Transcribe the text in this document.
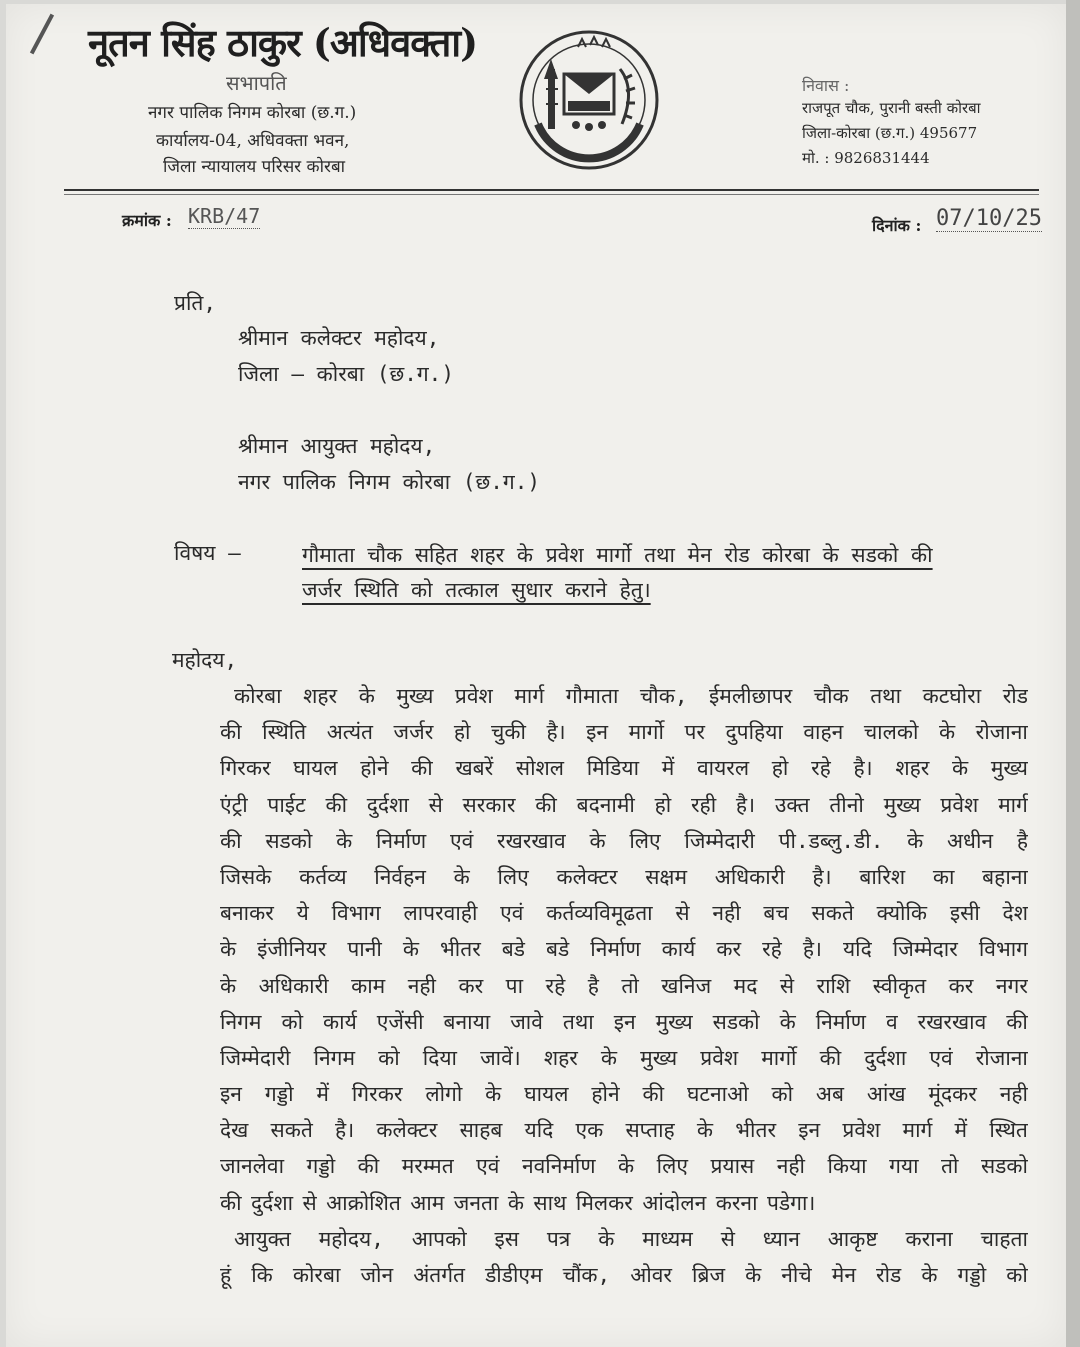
नूतन सिंह ठाकुर (अधिवक्ता)
सभापति
नगर पालिक निगम कोरबा (छ.ग.)
कार्यालय-04, अधिवक्ता भवन,
जिला न्यायालय परिसर कोरबा
निवास :
राजपूत चौक, पुरानी बस्ती कोरबा
जिला-कोरबा (छ.ग.) 495677
मो. : 9826831444
क्रमांक : KRB/47	दिनांक : 07/10/25
प्रति,
श्रीमान कलेक्टर महोदय,
जिला – कोरबा (छ.ग.)
श्रीमान आयुक्त महोदय,
नगर पालिक निगम कोरबा (छ.ग.)
विषय –	गौमाता चौक सहित शहर के प्रवेश मार्गो तथा मेन रोड कोरबा के सडको की
जर्जर स्थिति को तत्काल सुधार कराने हेतु।
महोदय,
कोरबा शहर के मुख्य प्रवेश मार्ग गौमाता चौक, ईमलीछापर चौक तथा कटघोरा रोड
की स्थिति अत्यंत जर्जर हो चुकी है। इन मार्गो पर दुपहिया वाहन चालको के रोजाना
गिरकर घायल होने की खबरें सोशल मिडिया में वायरल हो रहे है। शहर के मुख्य
एंट्री पाईट की दुर्दशा से सरकार की बदनामी हो रही है। उक्त तीनो मुख्य प्रवेश मार्ग
की सडको के निर्माण एवं रखरखाव के लिए जिम्मेदारी पी.डब्लु.डी. के अधीन है
जिसके कर्तव्य निर्वहन के लिए कलेक्टर सक्षम अधिकारी है। बारिश का बहाना
बनाकर ये विभाग लापरवाही एवं कर्तव्यविमूढता से नही बच सकते क्योकि इसी देश
के इंजीनियर पानी के भीतर बडे बडे निर्माण कार्य कर रहे है। यदि जिम्मेदार विभाग
के अधिकारी काम नही कर पा रहे है तो खनिज मद से राशि स्वीकृत कर नगर
निगम को कार्य एजेंसी बनाया जावे तथा इन मुख्य सडको के निर्माण व रखरखाव की
जिम्मेदारी निगम को दिया जावें। शहर के मुख्य प्रवेश मार्गो की दुर्दशा एवं रोजाना
इन गड्डो में गिरकर लोगो के घायल होने की घटनाओ को अब आंख मूंदकर नही
देख सकते है। कलेक्टर साहब यदि एक सप्ताह के भीतर इन प्रवेश मार्ग में स्थित
जानलेवा गड्डो की मरम्मत एवं नवनिर्माण के लिए प्रयास नही किया गया तो सडको
की दुर्दशा से आक्रोशित आम जनता के साथ मिलकर आंदोलन करना पडेगा।
आयुक्त महोदय, आपको इस पत्र के माध्यम से ध्यान आकृष्ट कराना चाहता
हूं कि कोरबा जोन अंतर्गत डीडीएम चौंक, ओवर ब्रिज के नीचे मेन रोड के गड्डो को
